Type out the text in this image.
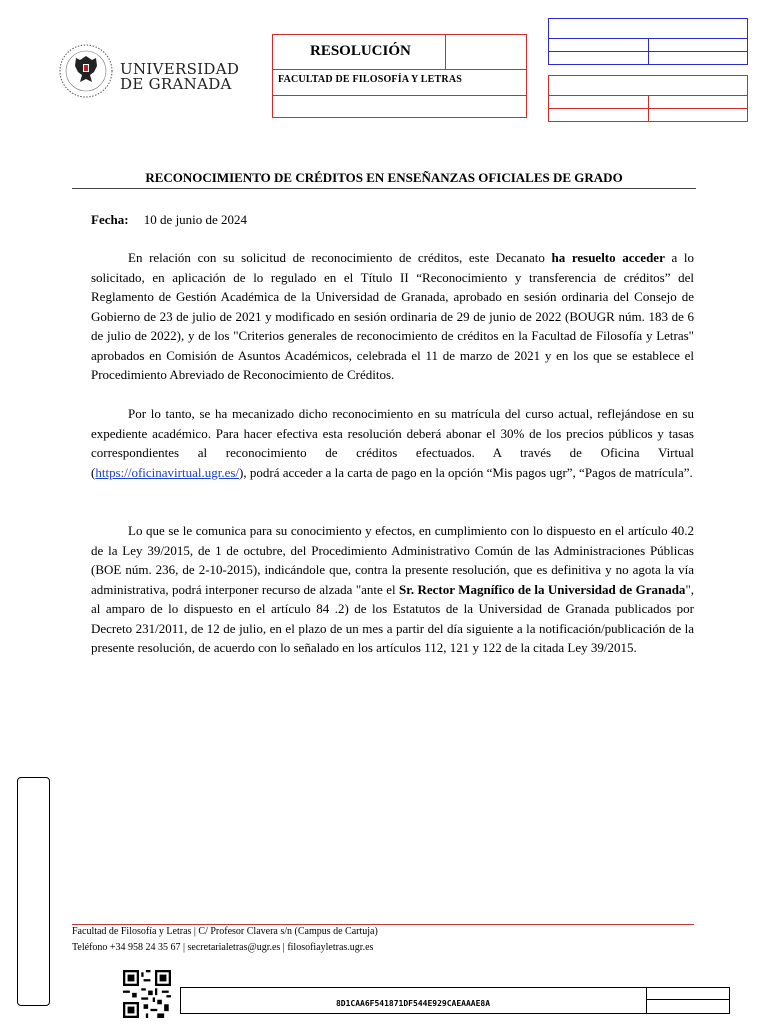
UNIVERSIDAD
DE GRANADA
RESOLUCIÓN
FACULTAD DE FILOSOFÍA Y LETRAS
RECONOCIMIENTO DE CRÉDITOS EN ENSEÑANZAS OFICIALES DE GRADO
Fecha: 10 de junio de 2024

En relación con su solicitud de reconocimiento de créditos, este Decanato ha resuelto acceder a lo solicitado, en aplicación de lo regulado en el Título II “Reconocimiento y transferencia de créditos” del Reglamento de Gestión Académica de la Universidad de Granada, aprobado en sesión ordinaria del Consejo de Gobierno de 23 de julio de 2021 y modificado en sesión ordinaria de 29 de junio de 2022 (BOUGR núm. 183 de 6 de julio de 2022), y de los "Criterios generales de reconocimiento de créditos en la Facultad de Filosofía y Letras" aprobados en Comisión de Asuntos Académicos, celebrada el 11 de marzo de 2021 y en los que se establece el Procedimiento Abreviado de Reconocimiento de Créditos.

Por lo tanto, se ha mecanizado dicho reconocimiento en su matrícula del curso actual, reflejándose en su expediente académico. Para hacer efectiva esta resolución deberá abonar el 30% de los precios públicos y tasas correspondientes al reconocimiento de créditos efectuados. A través de Oficina Virtual (https://oficinavirtual.ugr.es/), podrá acceder a la carta de pago en la opción “Mis pagos ugr”, “Pagos de matrícula”.

Lo que se le comunica para su conocimiento y efectos, en cumplimiento con lo dispuesto en el artículo 40.2 de la Ley 39/2015, de 1 de octubre, del Procedimiento Administrativo Común de las Administraciones Públicas (BOE núm. 236, de 2-10-2015), indicándole que, contra la presente resolución, que es definitiva y no agota la vía administrativa, podrá interponer recurso de alzada "ante el Sr. Rector Magnífico de la Universidad de Granada", al amparo de lo dispuesto en el artículo 84 .2) de los Estatutos de la Universidad de Granada publicados por Decreto 231/2011, de 12 de julio, en el plazo de un mes a partir del día siguiente a la notificación/publicación de la presente resolución, de acuerdo con lo señalado en los artículos 112, 121 y 122 de la citada Ley 39/2015.

Facultad de Filosofía y Letras | C/ Profesor Clavera s/n (Campus de Cartuja)
Teléfono +34 958 24 35 67 | secretarialetras@ugr.es | filosofiayletras.ugr.es
8D1CAA6F541871DF544E929CAEAAAE8A
